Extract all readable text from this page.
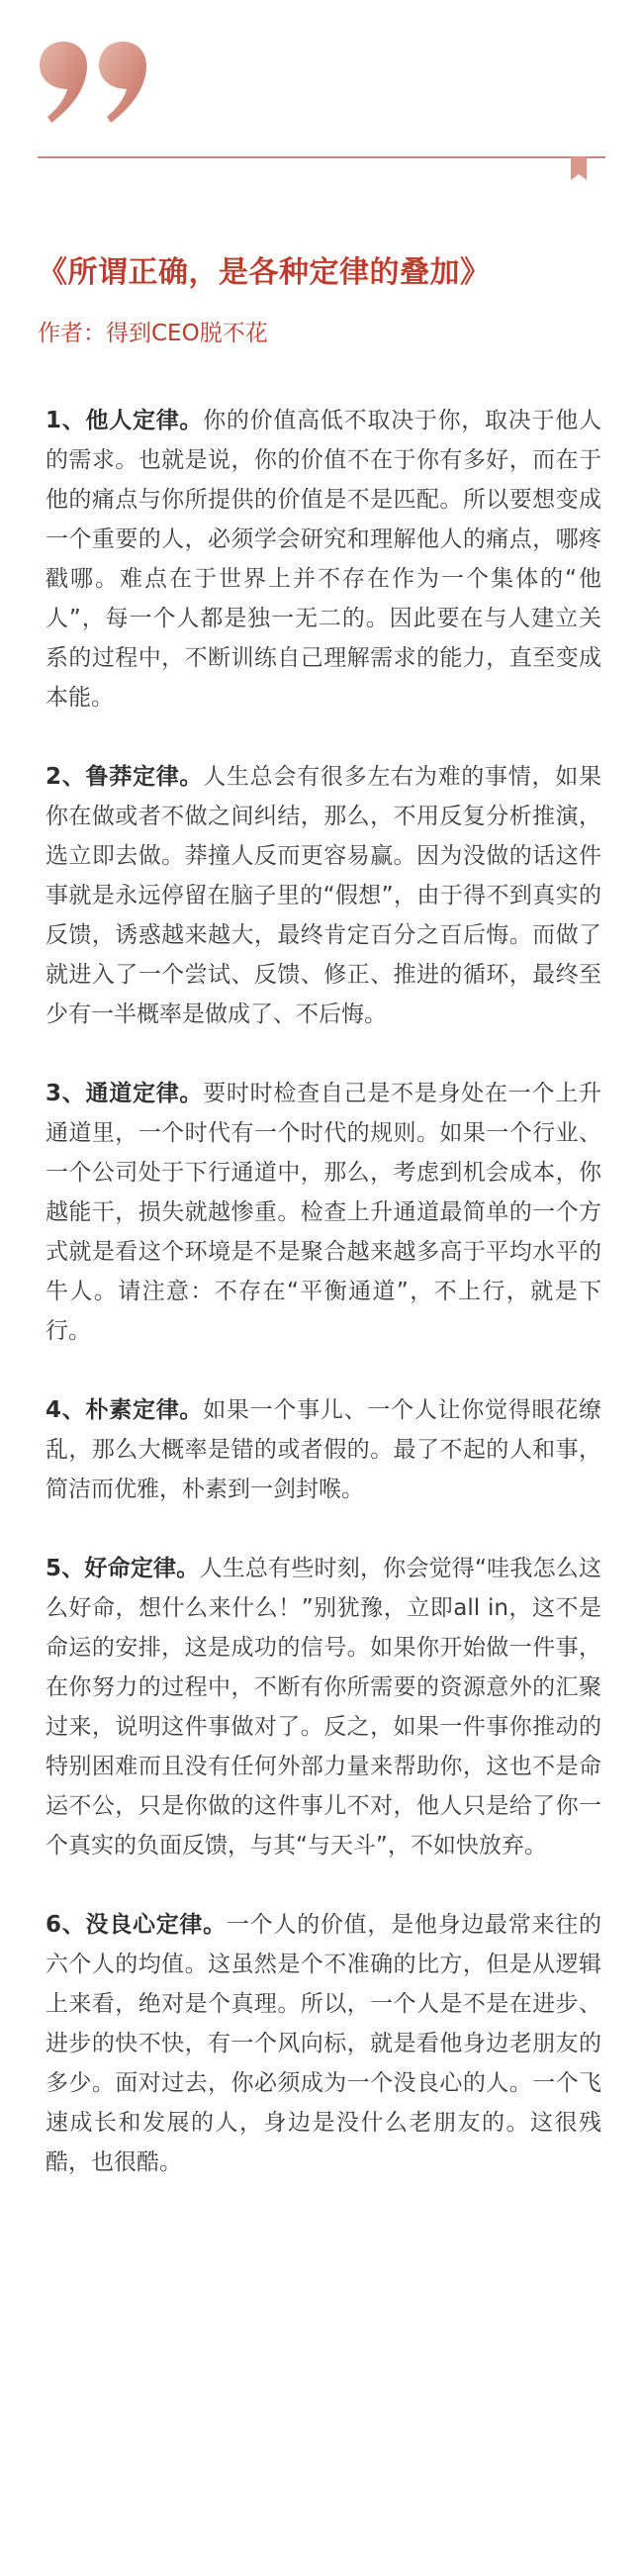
《所谓正确，是各种定律的叠加》

作者：得到CEO脱不花

1、他人定律。你的价值高低不取决于你，取决于他人的需求。也就是说，你的价值不在于你有多好，而在于他的痛点与你所提供的价值是不是匹配。所以要想变成一个重要的人，必须学会研究和理解他人的痛点，哪疼戳哪。难点在于世界上并不存在作为一个集体的“他人”，每一个人都是独一无二的。因此要在与人建立关系的过程中，不断训练自己理解需求的能力，直至变成本能。

2、鲁莽定律。人生总会有很多左右为难的事情，如果你在做或者不做之间纠结，那么，不用反复分析推演，选立即去做。莽撞人反而更容易赢。因为没做的话这件事就是永远停留在脑子里的“假想”，由于得不到真实的反馈，诱惑越来越大，最终肯定百分之百后悔。而做了就进入了一个尝试、反馈、修正、推进的循环，最终至少有一半概率是做成了、不后悔。

3、通道定律。要时时检查自己是不是身处在一个上升通道里，一个时代有一个时代的规则。如果一个行业、一个公司处于下行通道中，那么，考虑到机会成本，你越能干，损失就越惨重。检查上升通道最简单的一个方式就是看这个环境是不是聚合越来越多高于平均水平的牛人。请注意：不存在“平衡通道”，不上行，就是下行。

4、朴素定律。如果一个事儿、一个人让你觉得眼花缭乱，那么大概率是错的或者假的。最了不起的人和事，简洁而优雅，朴素到一剑封喉。

5、好命定律。人生总有些时刻，你会觉得“哇我怎么这么好命，想什么来什么！”别犹豫，立即all in，这不是命运的安排，这是成功的信号。如果你开始做一件事，在你努力的过程中，不断有你所需要的资源意外的汇聚过来，说明这件事做对了。反之，如果一件事你推动的特别困难而且没有任何外部力量来帮助你，这也不是命运不公，只是你做的这件事儿不对，他人只是给了你一个真实的负面反馈，与其“与天斗”，不如快放弃。

6、没良心定律。一个人的价值，是他身边最常来往的六个人的均值。这虽然是个不准确的比方，但是从逻辑上来看，绝对是个真理。所以，一个人是不是在进步、进步的快不快，有一个风向标，就是看他身边老朋友的多少。面对过去，你必须成为一个没良心的人。一个飞速成长和发展的人，身边是没什么老朋友的。这很残酷，也很酷。
